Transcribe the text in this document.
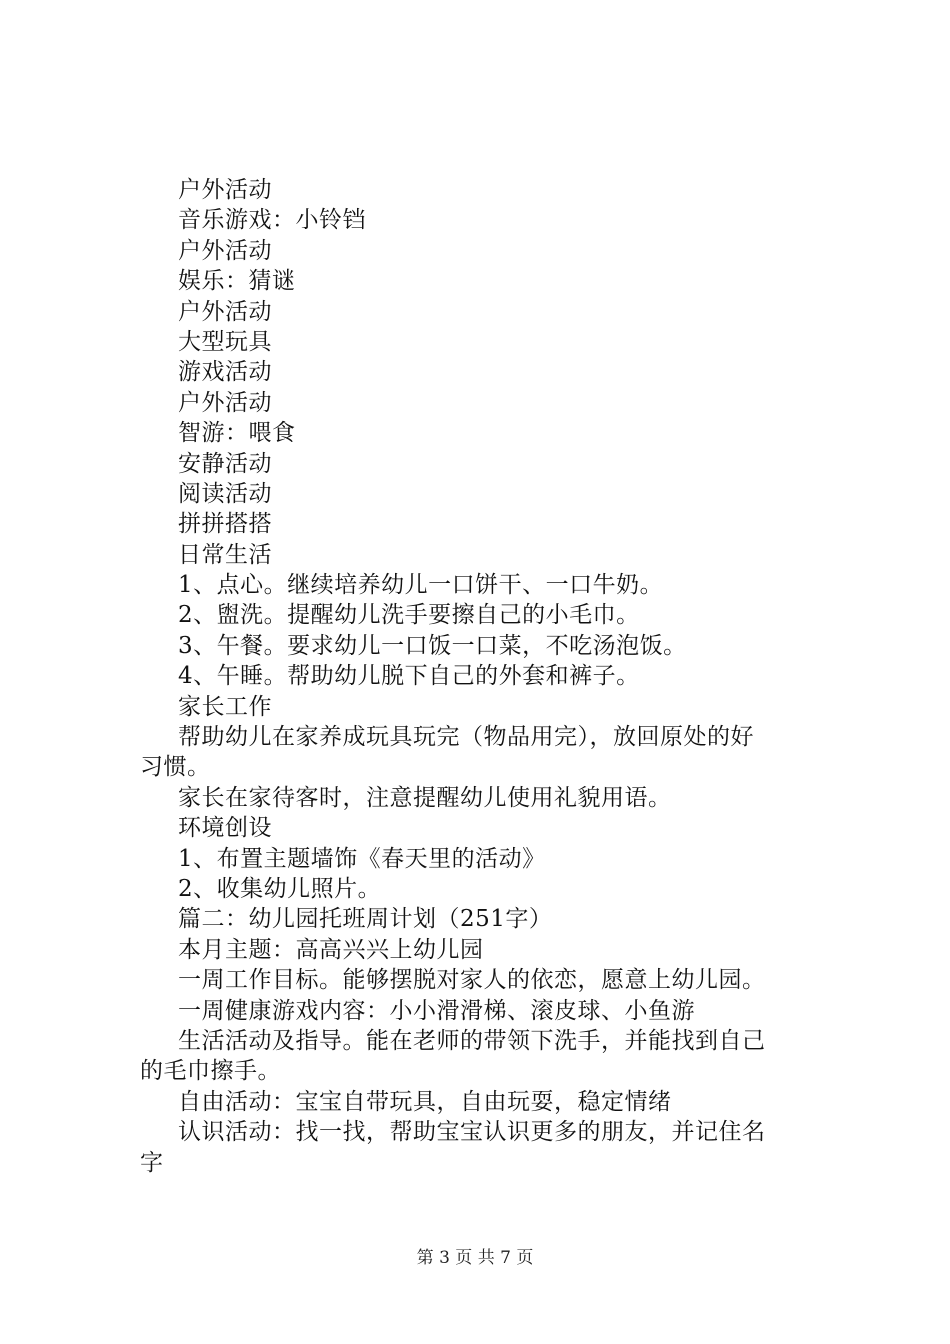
户外活动
音乐游戏：小铃铛
户外活动
娱乐：猜谜
户外活动
大型玩具
游戏活动
户外活动
智游：喂食
安静活动
阅读活动
拼拼搭搭
日常生活
1、点心。继续培养幼儿一口饼干、一口牛奶。
2、盥洗。提醒幼儿洗手要擦自己的小毛巾。
3、午餐。要求幼儿一口饭一口菜，不吃汤泡饭。
4、午睡。帮助幼儿脱下自己的外套和裤子。
家长工作
帮助幼儿在家养成玩具玩完（物品用完），放回原处的好
习惯。
家长在家待客时，注意提醒幼儿使用礼貌用语。
环境创设
1、布置主题墙饰《春天里的活动》
2、收集幼儿照片。
篇二：幼儿园托班周计划（251字）
本月主题：高高兴兴上幼儿园
一周工作目标。能够摆脱对家人的依恋，愿意上幼儿园。
一周健康游戏内容：小小滑滑梯、滚皮球、小鱼游
生活活动及指导。能在老师的带领下洗手，并能找到自己
的毛巾擦手。
自由活动：宝宝自带玩具，自由玩耍，稳定情绪
认识活动：找一找，帮助宝宝认识更多的朋友，并记住名
字
第 3 页 共 7 页
